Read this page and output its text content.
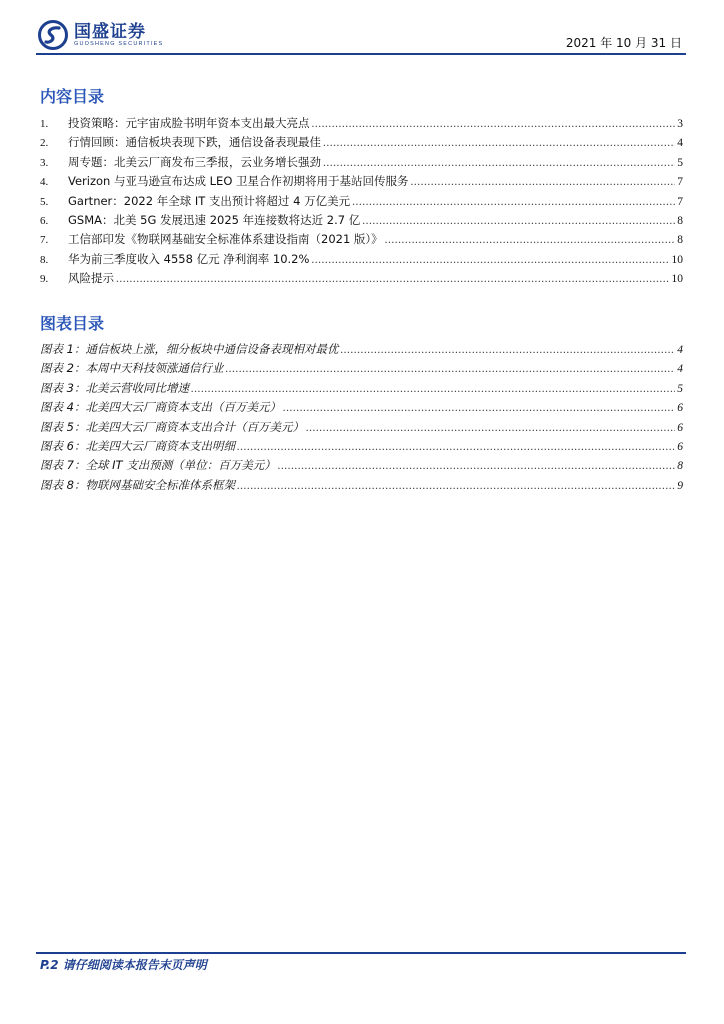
国盛证券
GUOSHENG SECURITIES	2021 年 10 月 31 日
内容目录
1.	投资策略：元宇宙成脸书明年资本支出最大亮点 .....	3
2.	行情回顾：通信板块表现下跌，通信设备表现最佳 .....	4
3.	周专题：北美云厂商发布三季报，云业务增长强劲 .....	5
4.	Verizon 与亚马逊宣布达成 LEO 卫星合作初期将用于基站回传服务 .....	7
5.	Gartner：2022 年全球 IT 支出预计将超过 4 万亿美元 .....	7
6.	GSMA：北美 5G 发展迅速 2025 年连接数将达近 2.7 亿 .....	8
7.	工信部印发《物联网基础安全标准体系建设指南（2021 版）》 .....	8
8.	华为前三季度收入 4558 亿元 净利润率 10.2% .....	10
9.	风险提示 .....	10
图表目录
图表 1：通信板块上涨，细分板块中通信设备表现相对最优 .....	4
图表 2：本周中天科技领涨通信行业 .....	4
图表 3：北美云营收同比增速 .....	5
图表 4：北美四大云厂商资本支出（百万美元） .....	6
图表 5：北美四大云厂商资本支出合计（百万美元） .....	6
图表 6：北美四大云厂商资本支出明细 .....	6
图表 7：全球 IT 支出预测（单位：百万美元） .....	8
图表 8：物联网基础安全标准体系框架 .....	9
P.2 请仔细阅读本报告末页声明
